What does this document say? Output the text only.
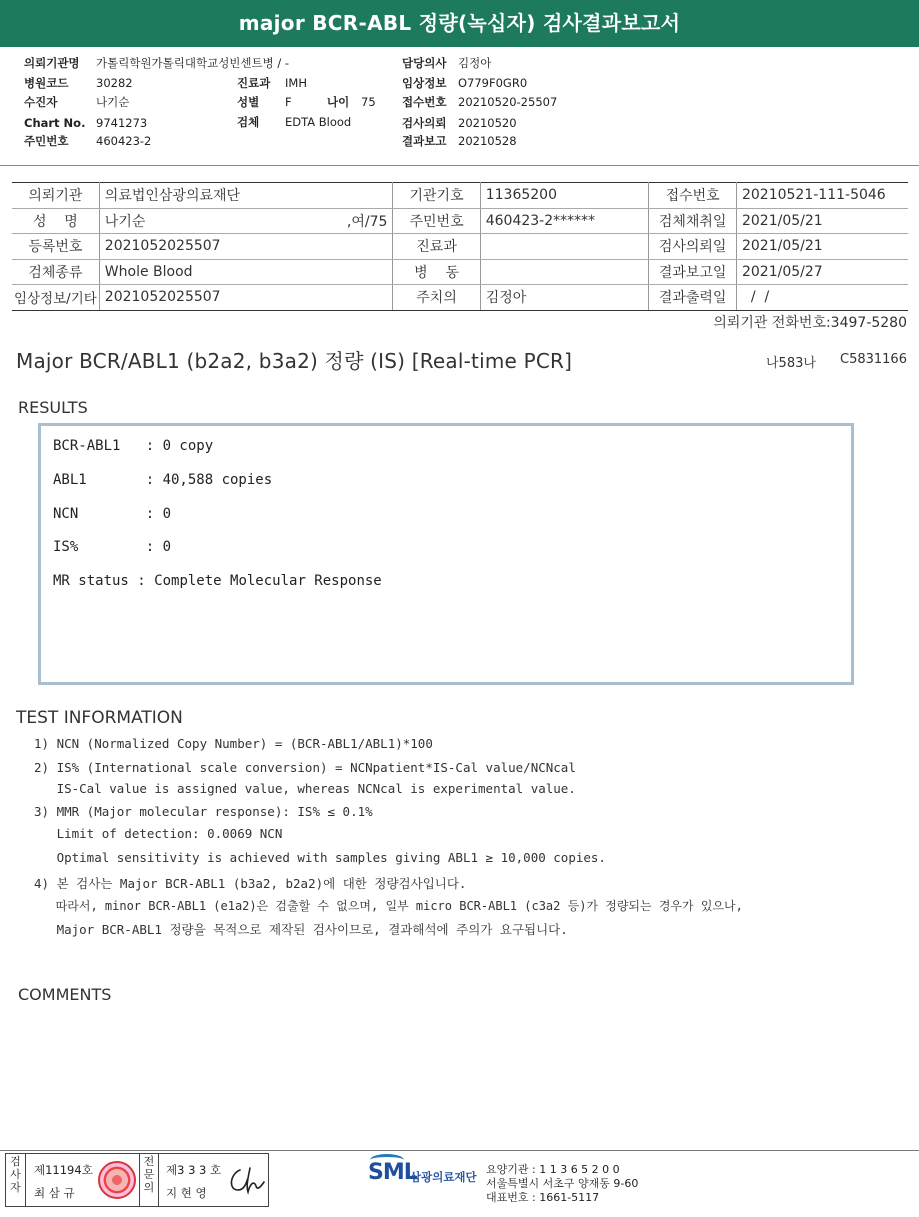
major BCR-ABL 정량(녹십자) 검사결과보고서
의뢰기관명 가톨릭학원가톨릭대학교성빈센트병 / -
병원코드 30282
수진자	나기순
Chart No. 9741273
주민번호 460423-2
진료과 IMH
성별 F	나이 75
검체 EDTA Blood
담당의사 김정아
임상정보 O779F0GR0
접수번호 20210520-25507
검사의뢰 20210520
결과보고 20210528
의뢰기관	의료법인삼광의료재단	기관기호	11365200	접수번호	20210521-111-5046
성    명	나기순 ,여/75	주민번호	460423-2******	검체채취일	2021/05/21
등록번호	2021052025507	진료과		검사의뢰일	2021/05/21
검체종류	Whole Blood	병    동		결과보고일	2021/05/27
임상정보/기타	2021052025507	주치의	김정아	결과출력일	/  /
의뢰기관 전화번호:3497-5280
Major BCR/ABL1 (b2a2, b3a2) 정량 (IS) [Real-time PCR]	나583나 C5831166
RESULTS
BCR-ABL1   : 0 copy
ABL1       : 40,588 copies
NCN        : 0
IS%        : 0
MR status : Complete Molecular Response
TEST INFORMATION
1) NCN (Normalized Copy Number) = (BCR-ABL1/ABL1)*100
2) IS% (International scale conversion) = NCNpatient*IS-Cal value/NCNcal
IS-Cal value is assigned value, whereas NCNcal is experimental value.
3) MMR (Major molecular response): IS% ≤ 0.1%
Limit of detection: 0.0069 NCN
Optimal sensitivity is achieved with samples giving ABL1 ≥ 10,000 copies.
4) 본 검사는 Major BCR-ABL1 (b3a2, b2a2)에 대한 정량검사입니다.
따라서, minor BCR-ABL1 (e1a2)은 검출할 수 없으며, 일부 micro BCR-ABL1 (c3a2 등)가 정량되는 경우가 있으나,
Major BCR-ABL1 정량을 목적으로 제작된 검사이므로, 결과해석에 주의가 요구됩니다.
COMMENTS
검사자
제11194호
최 삼 규
전문의
제3 3 3 호
지 현 영
SML
삼광의료재단
요양기관 : 1 1 3 6 5 2 0 0
서울특별시 서초구 양재동 9-60
대표번호 : 1661-5117
